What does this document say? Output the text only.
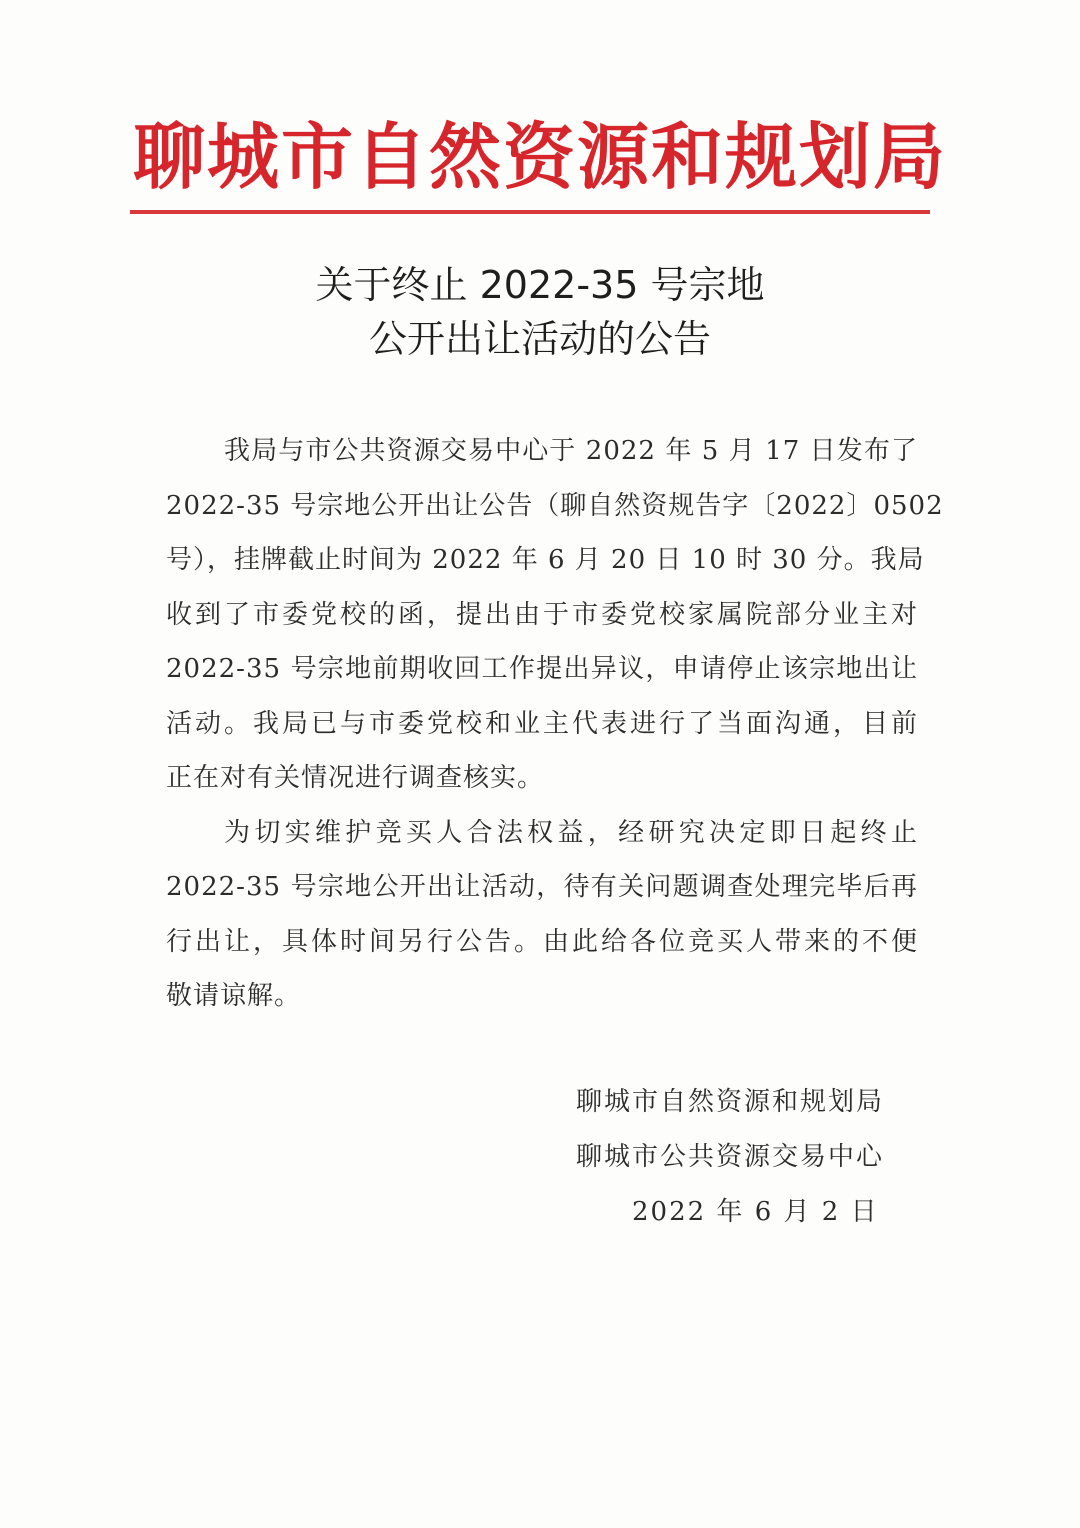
聊城市自然资源和规划局
关于终止 2022-35 号宗地
公开出让活动的公告
我局与市公共资源交易中心于 2022 年 5 月 17 日发布了
2022-35 号宗地公开出让公告（聊自然资规告字〔2022〕0502
号），挂牌截止时间为 2022 年 6 月 20 日 10 时 30 分。我局
收到了市委党校的函，提出由于市委党校家属院部分业主对
2022-35 号宗地前期收回工作提出异议，申请停止该宗地出让
活动。我局已与市委党校和业主代表进行了当面沟通，目前
正在对有关情况进行调查核实。
为切实维护竞买人合法权益，经研究决定即日起终止
2022-35 号宗地公开出让活动，待有关问题调查处理完毕后再
行出让，具体时间另行公告。由此给各位竞买人带来的不便
敬请谅解。
聊城市自然资源和规划局
聊城市公共资源交易中心
2022 年 6 月 2 日
